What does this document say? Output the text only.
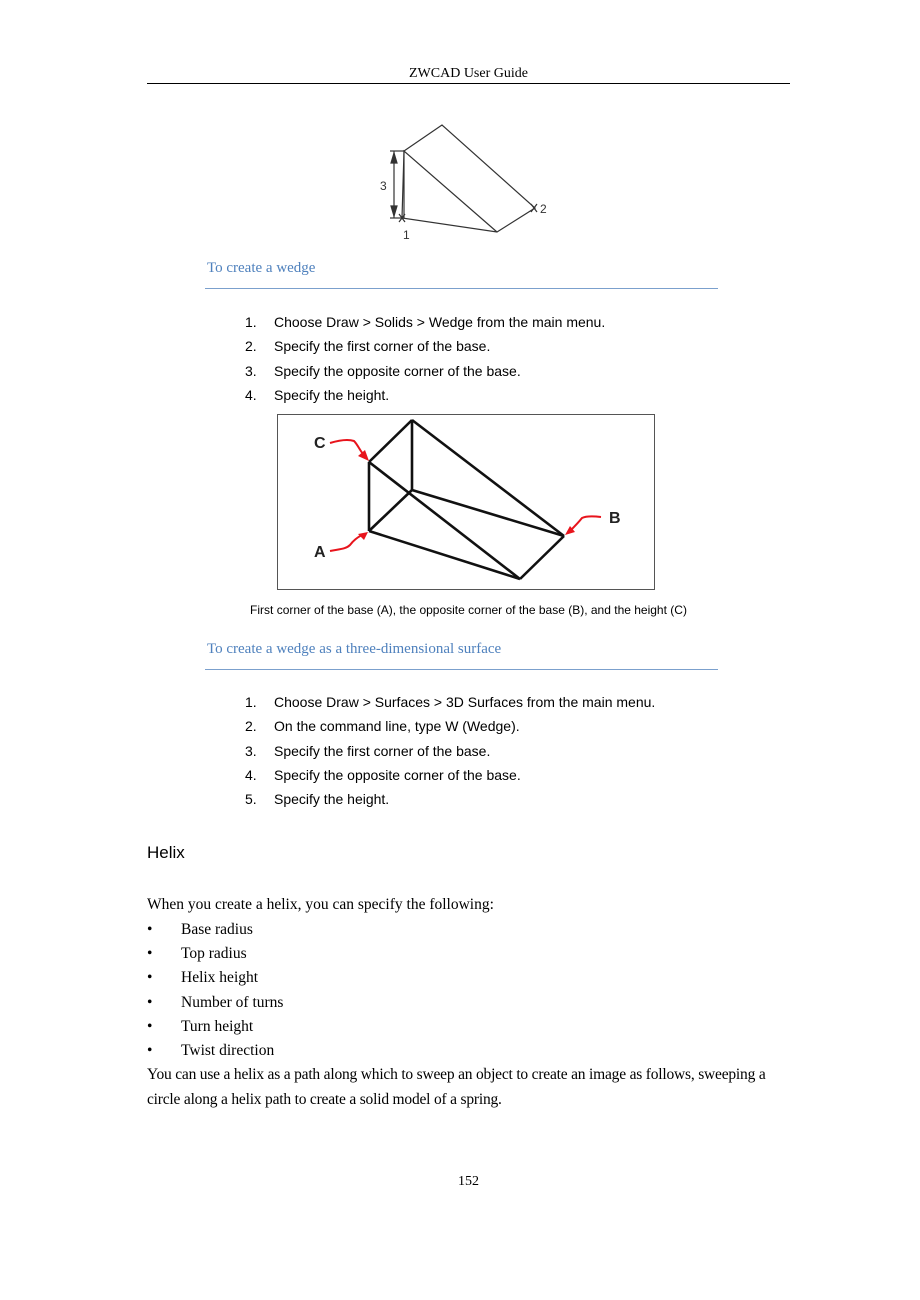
ZWCAD User Guide
3
2
1
To create a wedge
1.	Choose Draw > Solids > Wedge from the main menu.
2.	Specify the first corner of the base.
3.	Specify the opposite corner of the base.
4.	Specify the height.
C
A
B
First corner of the base (A), the opposite corner of the base (B), and the height (C)
To create a wedge as a three-dimensional surface
1.	Choose Draw > Surfaces > 3D Surfaces from the main menu.
2.	On the command line, type W (Wedge).
3.	Specify the first corner of the base.
4.	Specify the opposite corner of the base.
5.	Specify the height.
Helix
When you create a helix, you can specify the following:
•	Base radius
•	Top radius
•	Helix height
•	Number of turns
•	Turn height
•	Twist direction
You can use a helix as a path along which to sweep an object to create an image as follows, sweeping a circle along a helix path to create a solid model of a spring.
152
